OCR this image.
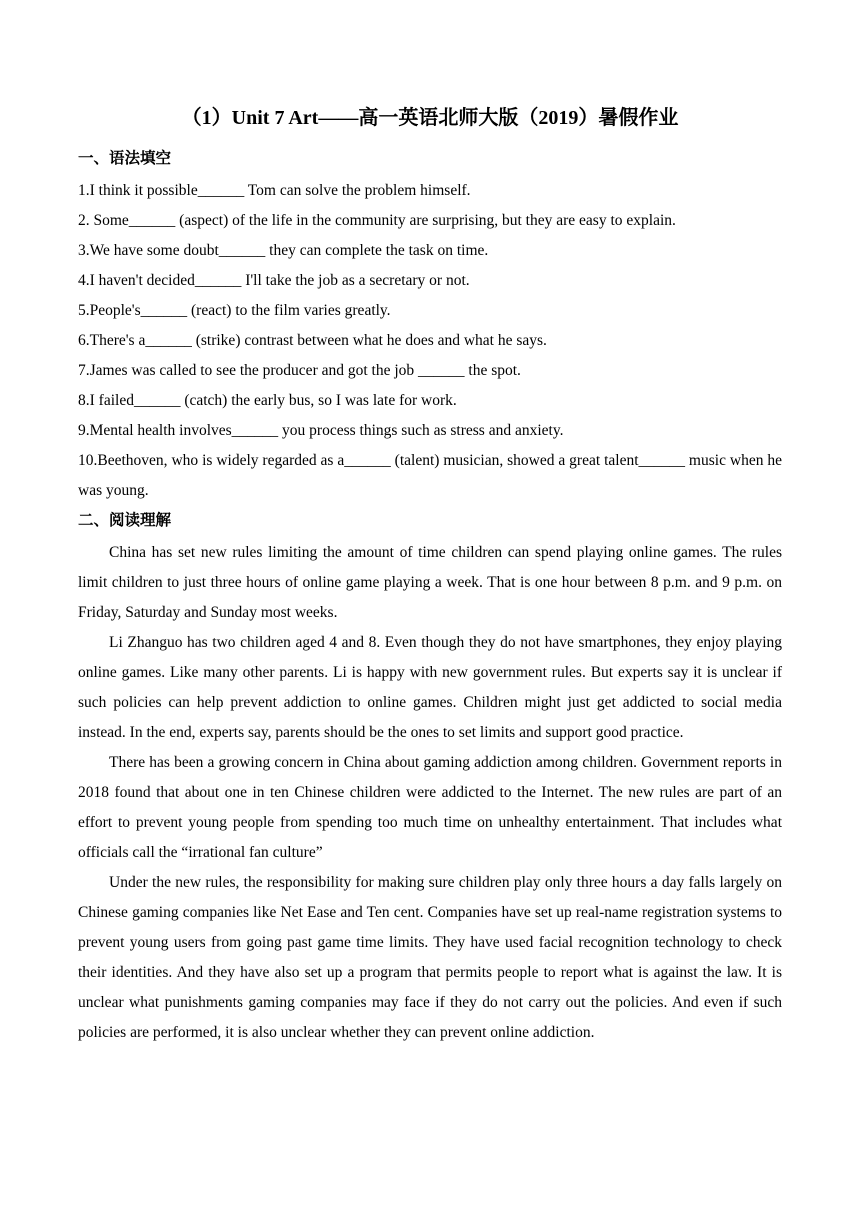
（1）Unit 7 Art——高一英语北师大版（2019）暑假作业
一、语法填空
1.I think it possible______ Tom can solve the problem himself.
2. Some______ (aspect) of the life in the community are surprising, but they are easy to explain.
3.We have some doubt______ they can complete the task on time.
4.I haven't decided______ I'll take the job as a secretary or not.
5.People's______ (react) to the film varies greatly.
6.There's a______ (strike) contrast between what he does and what he says.
7.James was called to see the producer and got the job ______ the spot.
8.I failed______ (catch) the early bus, so I was late for work.
9.Mental health involves______ you process things such as stress and anxiety.
10.Beethoven, who is widely regarded as a______ (talent) musician, showed a great talent______ music when he was young.
二、阅读理解

China has set new rules limiting the amount of time children can spend playing online games. The rules limit children to just three hours of online game playing a week. That is one hour between 8 p.m. and 9 p.m. on Friday, Saturday and Sunday most weeks.

Li Zhanguo has two children aged 4 and 8. Even though they do not have smartphones, they enjoy playing online games. Like many other parents. Li is happy with new government rules. But experts say it is unclear if such policies can help prevent addiction to online games. Children might just get addicted to social media instead. In the end, experts say, parents should be the ones to set limits and support good practice.

There has been a growing concern in China about gaming addiction among children. Government reports in 2018 found that about one in ten Chinese children were addicted to the Internet. The new rules are part of an effort to prevent young people from spending too much time on unhealthy entertainment. That includes what officials call the “irrational fan culture”

Under the new rules, the responsibility for making sure children play only three hours a day falls largely on Chinese gaming companies like Net Ease and Ten cent. Companies have set up real-name registration systems to prevent young users from going past game time limits. They have used facial recognition technology to check their identities. And they have also set up a program that permits people to report what is against the law. It is unclear what punishments gaming companies may face if they do not carry out the policies. And even if such policies are performed, it is also unclear whether they can prevent online addiction.
